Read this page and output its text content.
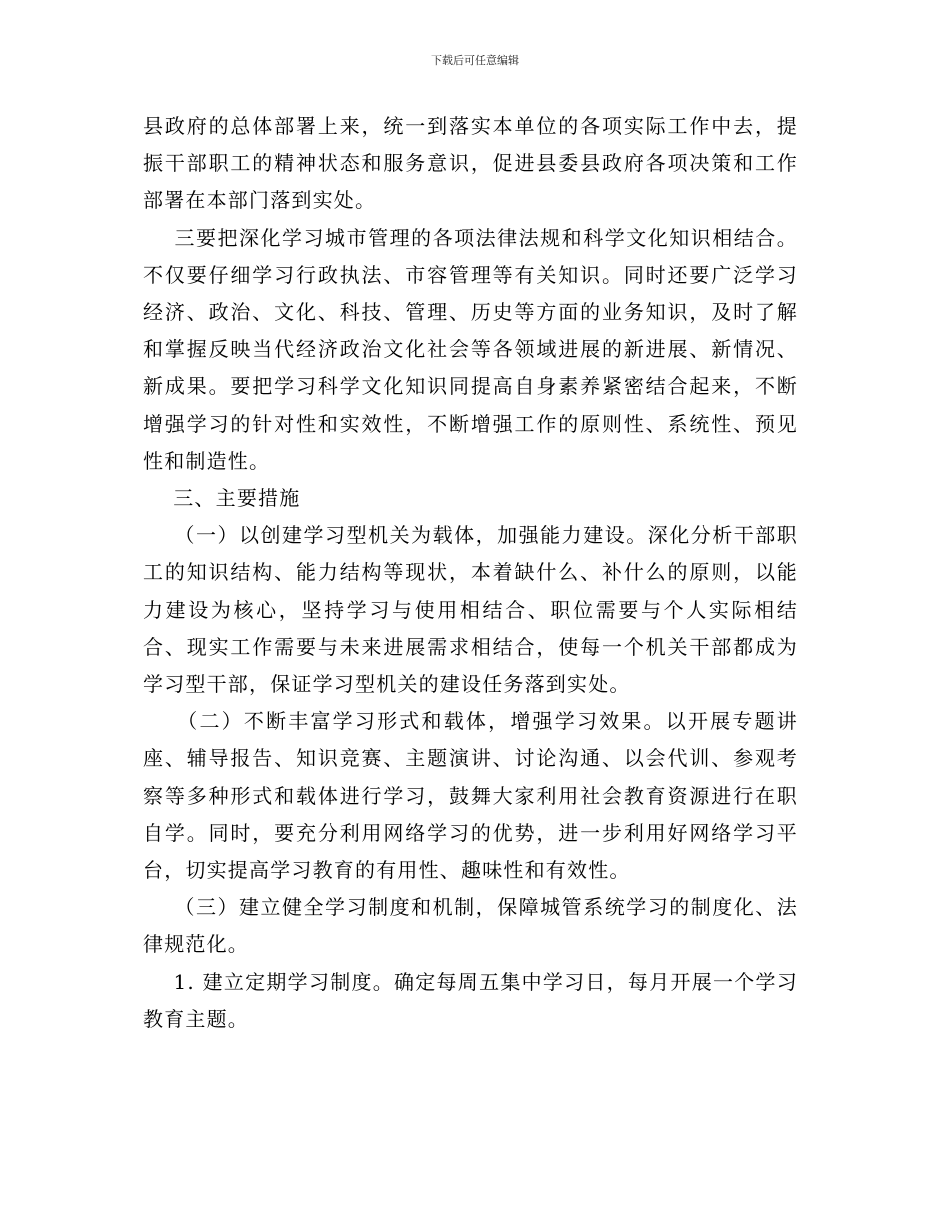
下载后可任意编辑

县政府的总体部署上来，统一到落实本单位的各项实际工作中去，提振干部职工的精神状态和服务意识，促进县委县政府各项决策和工作部署在本部门落到实处。

三要把深化学习城市管理的各项法律法规和科学文化知识相结合。不仅要仔细学习行政执法、市容管理等有关知识。同时还要广泛学习经济、政治、文化、科技、管理、历史等方面的业务知识，及时了解和掌握反映当代经济政治文化社会等各领域进展的新进展、新情况、新成果。要把学习科学文化知识同提高自身素养紧密结合起来，不断增强学习的针对性和实效性，不断增强工作的原则性、系统性、预见性和制造性。

三、主要措施

（一）以创建学习型机关为载体，加强能力建设。深化分析干部职工的知识结构、能力结构等现状，本着缺什么、补什么的原则，以能力建设为核心，坚持学习与使用相结合、职位需要与个人实际相结合、现实工作需要与未来进展需求相结合，使每一个机关干部都成为学习型干部，保证学习型机关的建设任务落到实处。

（二）不断丰富学习形式和载体，增强学习效果。以开展专题讲座、辅导报告、知识竞赛、主题演讲、讨论沟通、以会代训、参观考察等多种形式和载体进行学习，鼓舞大家利用社会教育资源进行在职自学。同时，要充分利用网络学习的优势，进一步利用好网络学习平台，切实提高学习教育的有用性、趣味性和有效性。

（三）建立健全学习制度和机制，保障城管系统学习的制度化、法律规范化。

1. 建立定期学习制度。确定每周五集中学习日，每月开展一个学习教育主题。
